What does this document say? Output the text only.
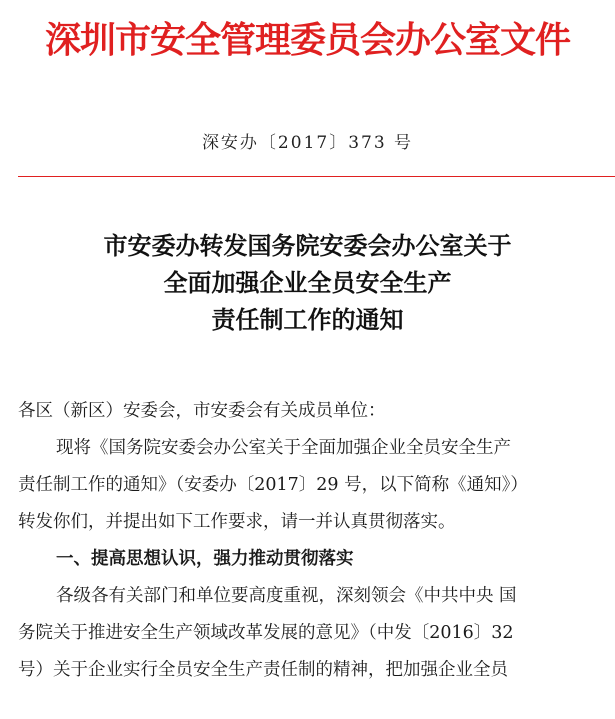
深圳市安全管理委员会办公室文件
深安办〔2017〕373 号
市安委办转发国务院安委会办公室关于
全面加强企业全员安全生产
责任制工作的通知
各区（新区）安委会，市安委会有关成员单位：
现将《国务院安委会办公室关于全面加强企业全员安全生产
责任制工作的通知》（安委办〔2017〕29 号，以下简称《通知》）
转发你们，并提出如下工作要求，请一并认真贯彻落实。
一、提高思想认识，强力推动贯彻落实
各级各有关部门和单位要高度重视，深刻领会《中共中央 国
务院关于推进安全生产领域改革发展的意见》（中发〔2016〕32
号）关于企业实行全员安全生产责任制的精神，把加强企业全员
